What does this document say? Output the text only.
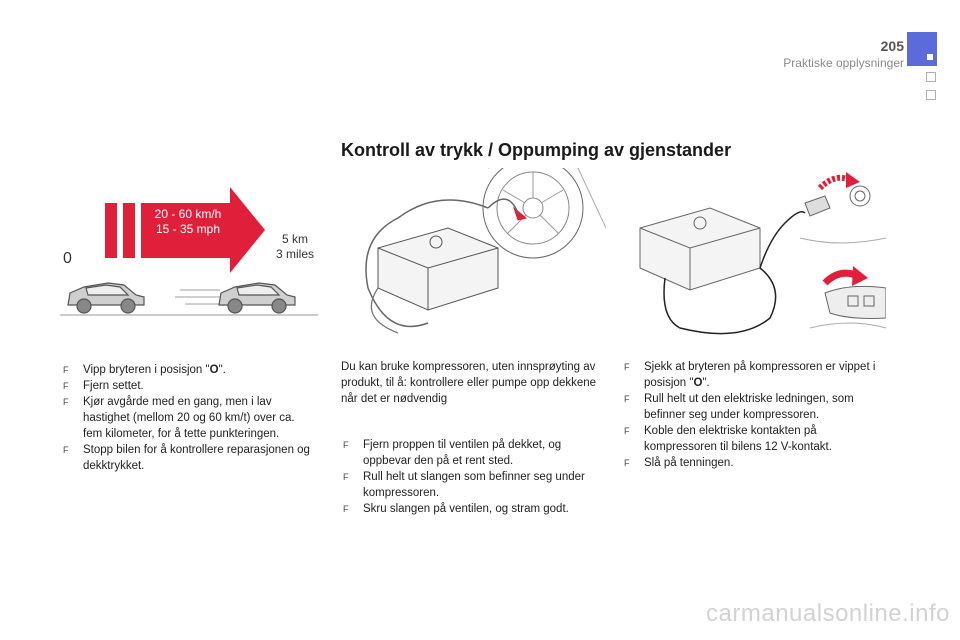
205
Praktiske opplysninger
Kontroll av trykk / Oppumping av gjenstander
20 - 60 km/h
15 - 35 mph
0
5 km
3 miles
F Vipp bryteren i posisjon "O".
F Fjern settet.
F Kjør avgårde med en gang, men i lav hastighet (mellom 20 og 60 km/t) over ca. fem kilometer, for å tette punkteringen.
F Stopp bilen for å kontrollere reparasjonen og dekktrykket.

Du kan bruke kompressoren, uten innsprøyting av produkt, til å: kontrollere eller pumpe opp dekkene når det er nødvendig

F Fjern proppen til ventilen på dekket, og oppbevar den på et rent sted.
F Rull helt ut slangen som befinner seg under kompressoren.
F Skru slangen på ventilen, og stram godt.
F Sjekk at bryteren på kompressoren er vippet i posisjon "O".
F Rull helt ut den elektriske ledningen, som befinner seg under kompressoren.
F Koble den elektriske kontakten på kompressoren til bilens 12 V-kontakt.
F Slå på tenningen.
carmanualsonline.info
